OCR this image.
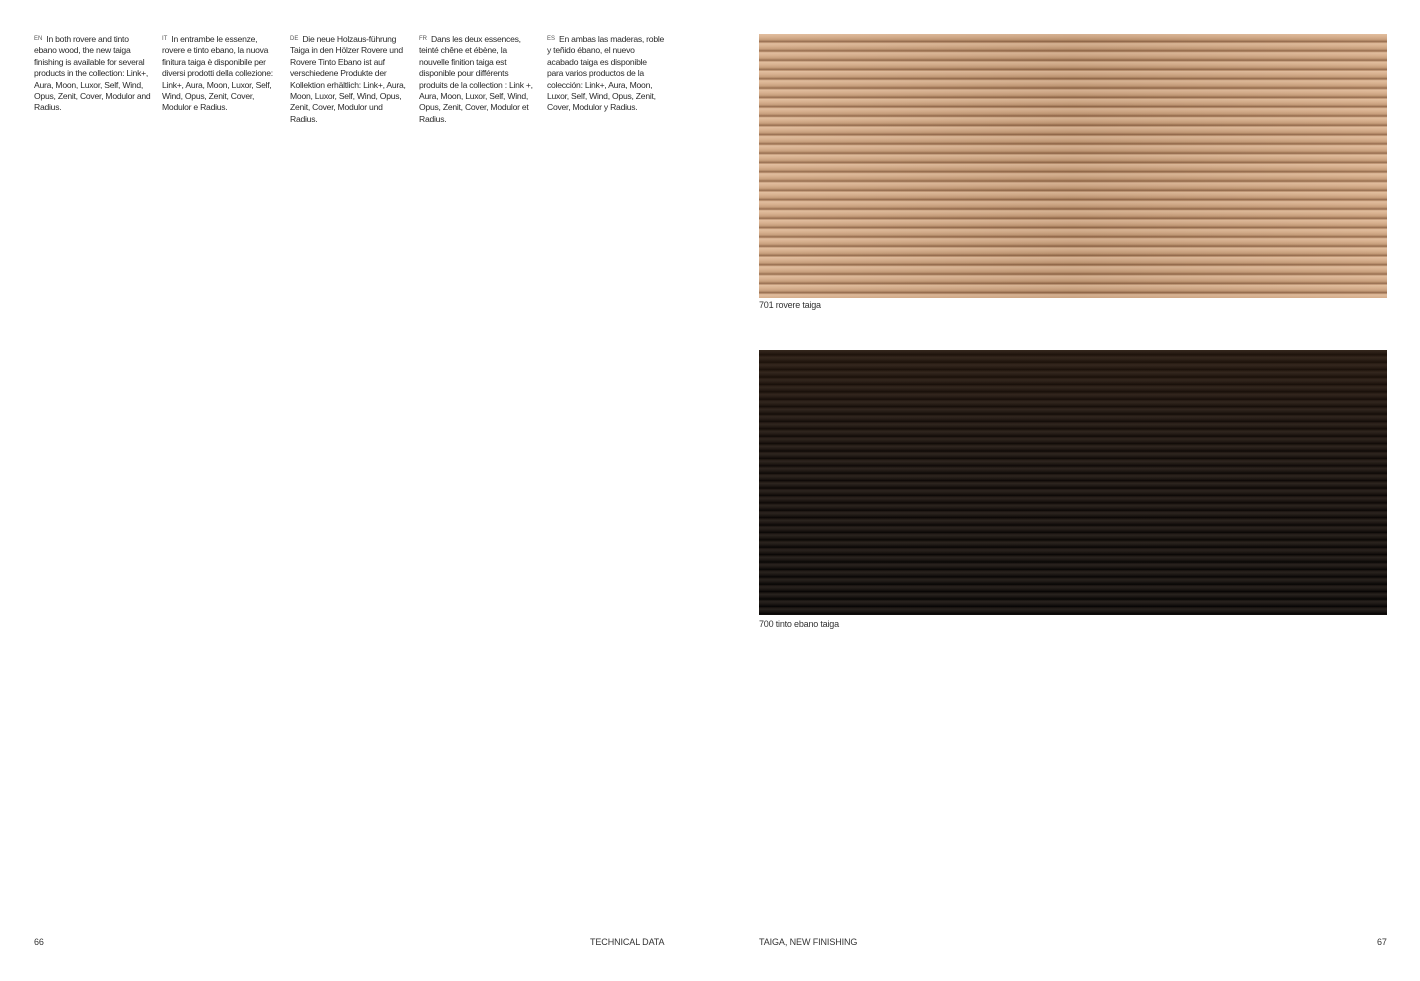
$^{EN}$ In both rovere and tinto ebano wood, the new taiga finishing is available for several products in the collection: Link+, Aura, Moon, Luxor, Self, Wind, Opus, Zenit, Cover, Modulor and Radius.
$^{IT}$ In entrambe le essenze, rovere e tinto ebano, la nuova finitura taiga è disponibile per diversi prodotti della collezione: Link+, Aura, Moon, Luxor, Self, Wind, Opus, Zenit, Cover, Modulor e Radius.
$^{DE}$ Die neue Holzaus-führung Taiga in den Hölzer Rovere und Rovere Tinto Ebano ist auf verschiedene Produkte der Kollektion erhältlich: Link+, Aura, Moon, Luxor, Self, Wind, Opus, Zenit, Cover, Modulor und Radius.
$^{FR}$ Dans les deux essences, teinté chêne et ébène, la nouvelle finition taiga est disponible pour différents produits de la collection : Link +, Aura, Moon, Luxor, Self, Wind, Opus, Zenit, Cover, Modulor et Radius.
$^{ES}$ En ambas las maderas, roble y teñido ébano, el nuevo acabado taiga es disponible para varios productos de la colección: Link+, Aura, Moon, Luxor, Self, Wind, Opus, Zenit, Cover, Modulor y Radius.
701 rovere taiga
700 tinto ebano taiga
66	TECHNICAL DATA	TAIGA, NEW FINISHING	67
